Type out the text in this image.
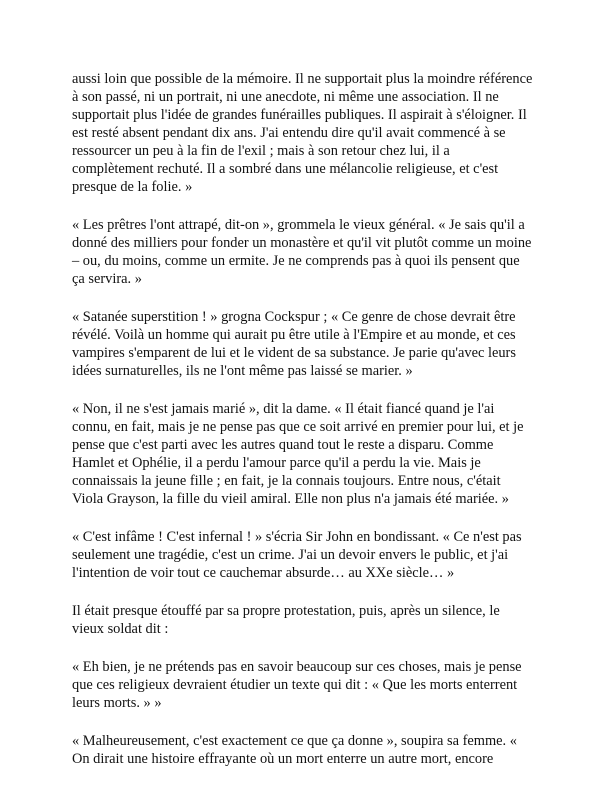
aussi loin que possible de la mémoire. Il ne supportait plus la moindre référence à son passé, ni un portrait, ni une anecdote, ni même une association. Il ne supportait plus l'idée de grandes funérailles publiques. Il aspirait à s'éloigner. Il est resté absent pendant dix ans. J'ai entendu dire qu'il avait commencé à se ressourcer un peu à la fin de l'exil ; mais à son retour chez lui, il a complètement rechuté. Il a sombré dans une mélancolie religieuse, et c'est presque de la folie. »

« Les prêtres l'ont attrapé, dit-on », grommela le vieux général. « Je sais qu'il a donné des milliers pour fonder un monastère et qu'il vit plutôt comme un moine – ou, du moins, comme un ermite. Je ne comprends pas à quoi ils pensent que ça servira. »

« Satanée superstition ! » grogna Cockspur ; « Ce genre de chose devrait être révélé. Voilà un homme qui aurait pu être utile à l'Empire et au monde, et ces vampires s'emparent de lui et le vident de sa substance. Je parie qu'avec leurs idées surnaturelles, ils ne l'ont même pas laissé se marier. »

« Non, il ne s'est jamais marié », dit la dame. « Il était fiancé quand je l'ai connu, en fait, mais je ne pense pas que ce soit arrivé en premier pour lui, et je pense que c'est parti avec les autres quand tout le reste a disparu. Comme Hamlet et Ophélie, il a perdu l'amour parce qu'il a perdu la vie. Mais je connaissais la jeune fille ; en fait, je la connais toujours. Entre nous, c'était Viola Grayson, la fille du vieil amiral. Elle non plus n'a jamais été mariée. »

« C'est infâme ! C'est infernal ! » s'écria Sir John en bondissant. « Ce n'est pas seulement une tragédie, c'est un crime. J'ai un devoir envers le public, et j'ai l'intention de voir tout ce cauchemar absurde… au XXe siècle… »

Il était presque étouffé par sa propre protestation, puis, après un silence, le vieux soldat dit :

« Eh bien, je ne prétends pas en savoir beaucoup sur ces choses, mais je pense que ces religieux devraient étudier un texte qui dit : « Que les morts enterrent leurs morts. » »

« Malheureusement, c'est exactement ce que ça donne », soupira sa femme. « On dirait une histoire effrayante où un mort enterre un autre mort, encore
